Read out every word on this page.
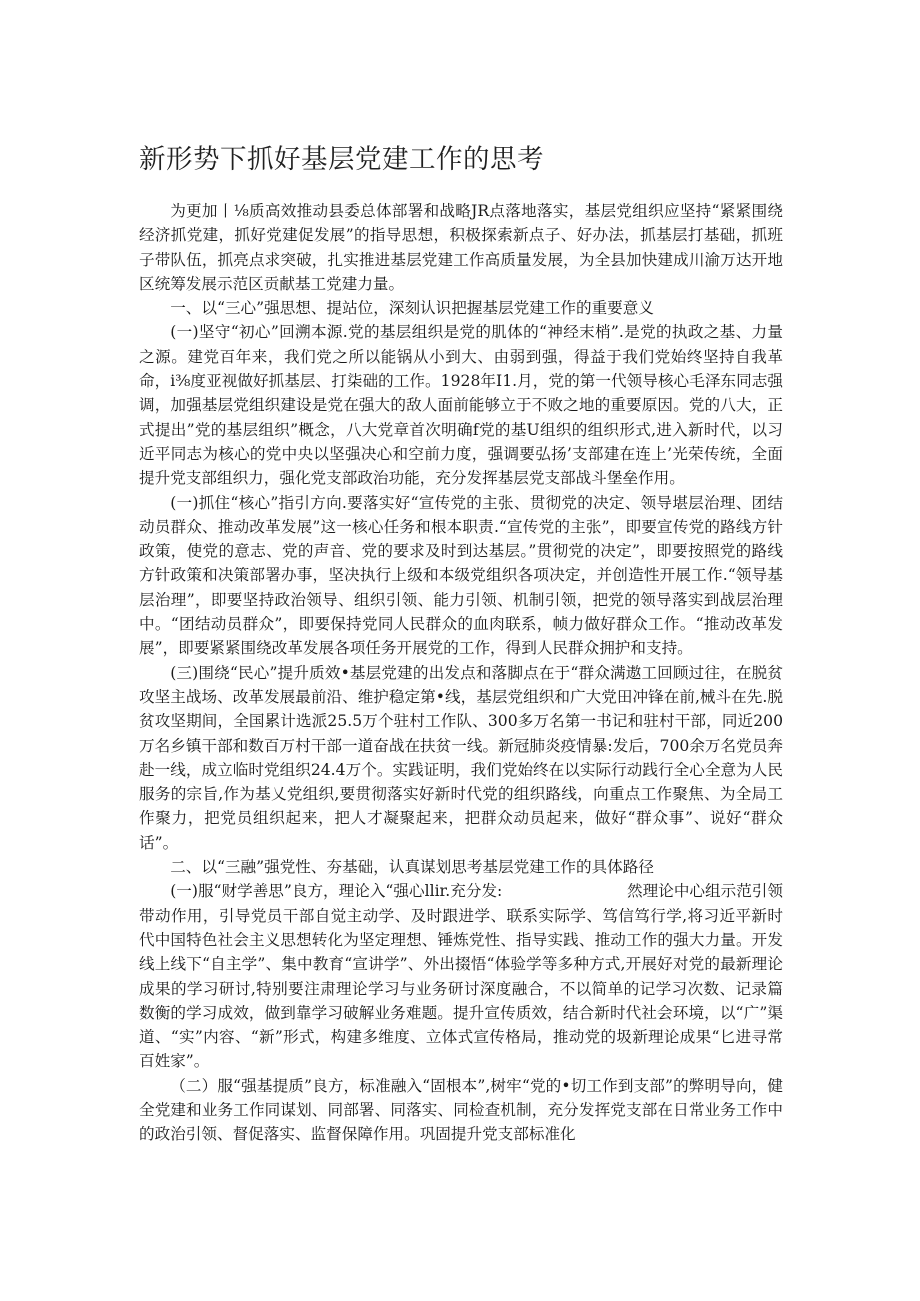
新形势下抓好基层党建工作的思考

为更加丨⅛质高效推动县委总体部署和战略JR点落地落实，基层党组织应坚持“紧紧围绕经济抓党建，抓好党建促发展”的指导思想，积极探索新点子、好办法，抓基层打基础，抓班子带队伍，抓亮点求突破，扎实推进基层党建工作高质量发展，为全县加快建成川渝万达开地区统筹发展示范区贡献基工党建力量。

一、以“三心”强思想、提站位，深刻认识把握基层党建工作的重要意义

(一)坚守“初心”回溯本源.党的基层组织是党的肌体的“神经末梢”.是党的执政之基、力量之源。建党百年来，我们党之所以能锅从小到大、由弱到强，得益于我们党始终坚持自我革命，i⅜度亚视做好抓基层、打柒础的工作。1928年I1.月，党的第一代领导核心毛泽东同志强调，加强基层党组织建设是党在强大的敌人面前能够立于不败之地的重要原因。党的八大，正式提出”党的基层组织”概念，八大党章首次明确f党的基U组织的组织形式,进入新时代，以习近平同志为核心的党中央以坚强决心和空前力度，强调要弘扬’支部建在连上’光荣传统，全面提升党支部组织力，强化党支部政治功能，充分发挥基层党支部战斗堡垒作用。

(一)抓住“核心”指引方向.要落实好“宣传党的主张、贯彻党的决定、领导堪层治理、团结动员群众、推动改革发展”这一核心任务和根本职责.“宣传党的主张”，即要宣传党的路线方针政策，使党的意志、党的声音、党的要求及时到达基层。”贯彻党的决定”，即要按照党的路线方针政策和决策部署办事，坚决执行上级和本级党组织各项决定，并创造性开展工作.“领导基层治理”，即要坚持政治领导、组织引领、能力引领、机制引领，把党的领导落实到战层治理中。“团结动员群众”，即要保持党同人民群众的血肉联系，帧力做好群众工作。“推动改革发展”，即要紧紧围绕改革发展各项任务开展党的工作，得到人民群众拥护和支持。

(三)围绕“民心”提升质效•基层党建的出发点和落脚点在于“群众满遨工回顾过往，在脱贫攻坚主战场、改革发展最前沿、维护稳定第•线，基层党组织和广大党田冲锋在前,械斗在先.脱贫攻坚期间，全国累计选派25.5万个驻村工作队、300多万名第一书记和驻村干部，同近200万名乡镇干部和数百万村干部一道奋战在扶贫一线。新冠肺炎疫情暴:发后，700余万名党员奔赴一线，成立临时党组织24.4万个。实践证明，我们党始终在以实际行动践行全心全意为人民服务的宗旨,作为基乂党组织,要贯彻落实好新时代党的组织路线，向重点工作聚焦、为全局工作聚力，把党员组织起来，把人才凝聚起来，把群众动员起来，做好“群众事”、说好“群众话”。

二、以“三融”强党性、夯基础，认真谋划思考基层党建工作的具体路径

(一)服“财学善思”良方，理论入“强心llir.充分发:　　　　　　　　然理论中心组示范引领带动作用，引导党员干部自觉主动学、及时跟进学、联系实际学、笃信笃行学,将习近平新时代中国特色社会主义思想转化为坚定理想、锤炼党性、指导实践、推动工作的强大力量。开发线上线下“自主学”、集中教育“宣讲学”、外出掇悟“体验学等多种方式,开展好对党的最新理论成果的学习研讨,特别要注肃理论学习与业务研讨深度融合，不以简单的记学习次数、记录篇数衡的学习成效，做到靠学习破解业务难题。提升宣传质效，结合新时代社会环境，以“广”渠道、“实”内容、“新”形式，构建多维度、立体式宣传格局，推动党的圾新理论成果“匕进寻常百姓家”。

（二）服“强基提质”良方，标准融入“固根本”,树牢“党的•切工作到支部”的弊明导向，健全党建和业务工作同谋划、同部署、同落实、同检查机制，充分发挥党支部在日常业务工作中的政治引领、督促落实、监督保障作用。巩固提升党支部标准化
